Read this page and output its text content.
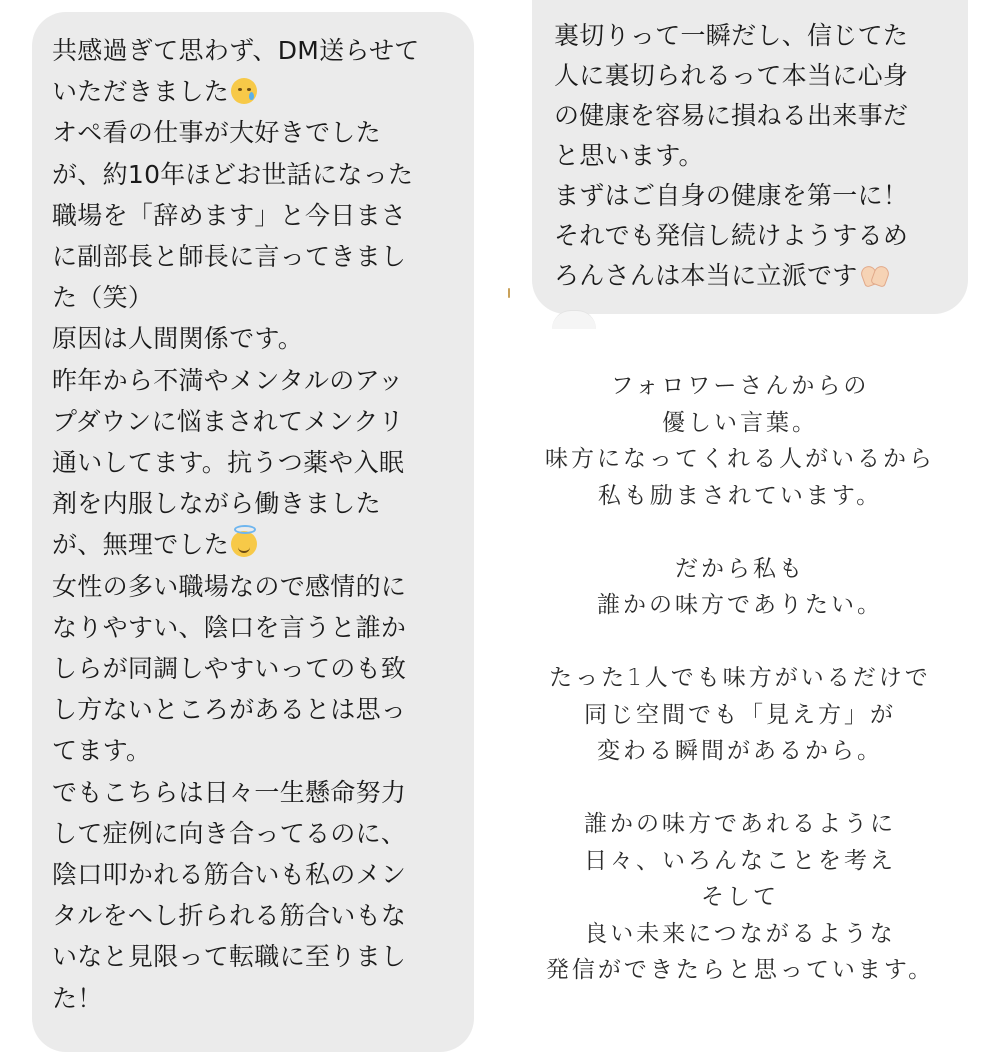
共感過ぎて思わず、DM送らせて
いただきました
オペ看の仕事が大好きでした
が、約10年ほどお世話になった
職場を「辞めます」と今日まさ
に副部長と師長に言ってきまし
た（笑）
原因は人間関係です。
昨年から不満やメンタルのアッ
プダウンに悩まされてメンクリ
通いしてます。抗うつ薬や入眠
剤を内服しながら働きました
が、無理でした
女性の多い職場なので感情的に
なりやすい、陰口を言うと誰か
しらが同調しやすいってのも致
し方ないところがあるとは思っ
てます。
でもこちらは日々一生懸命努力
して症例に向き合ってるのに、
陰口叩かれる筋合いも私のメン
タルをへし折られる筋合いもな
いなと見限って転職に至りまし
た！
裏切りって一瞬だし、信じてた
人に裏切られるって本当に心身
の健康を容易に損ねる出来事だ
と思います。
まずはご自身の健康を第一に！
それでも発信し続けようするめ
ろんさんは本当に立派です
フォロワーさんからの
優しい言葉。
味方になってくれる人がいるから
私も励まされています。
だから私も
誰かの味方でありたい。
たった1人でも味方がいるだけで
同じ空間でも「見え方」が
変わる瞬間があるから。
誰かの味方であれるように
日々、いろんなことを考え
そして
良い未来につながるような
発信ができたらと思っています。
